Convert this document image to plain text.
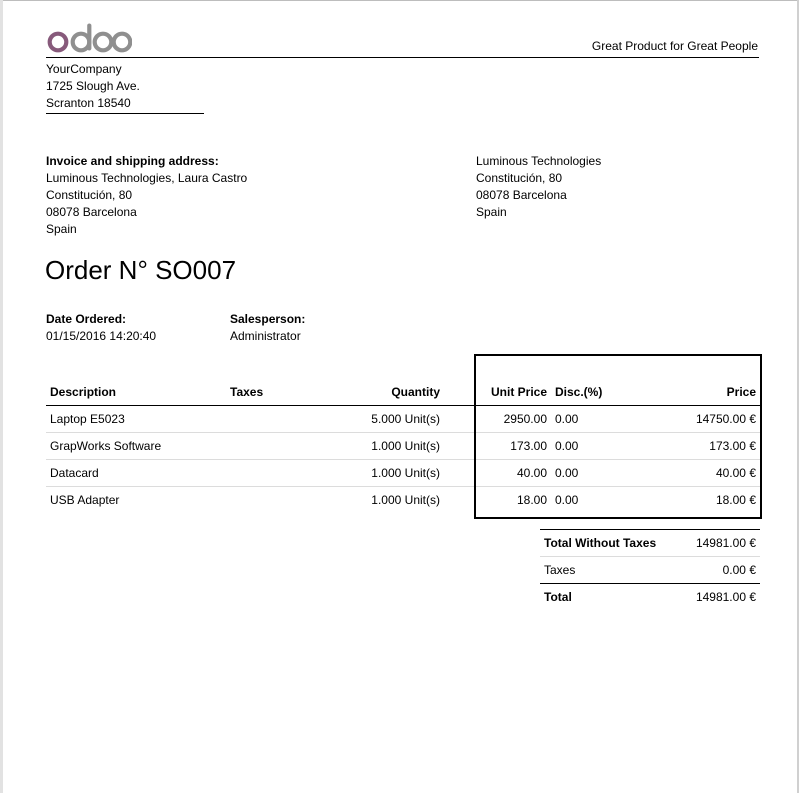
Great Product for Great People
YourCompany
1725 Slough Ave.
Scranton 18540
Invoice and shipping address:
Luminous Technologies, Laura Castro
Constitución, 80
08078 Barcelona
Spain
Luminous Technologies
Constitución, 80
08078 Barcelona
Spain
Order N° SO007
Date Ordered:
01/15/2016 14:20:40
Salesperson:
Administrator
Description	Taxes	Quantity	Unit Price	Disc.(%)	Price
Laptop E5023		5.000 Unit(s)	2950.00	0.00	14750.00 €
GrapWorks Software		1.000 Unit(s)	173.00	0.00	173.00 €
Datacard		1.000 Unit(s)	40.00	0.00	40.00 €
USB Adapter		1.000 Unit(s)	18.00	0.00	18.00 €
Total Without Taxes	14981.00 €
Taxes	0.00 €
Total	14981.00 €
